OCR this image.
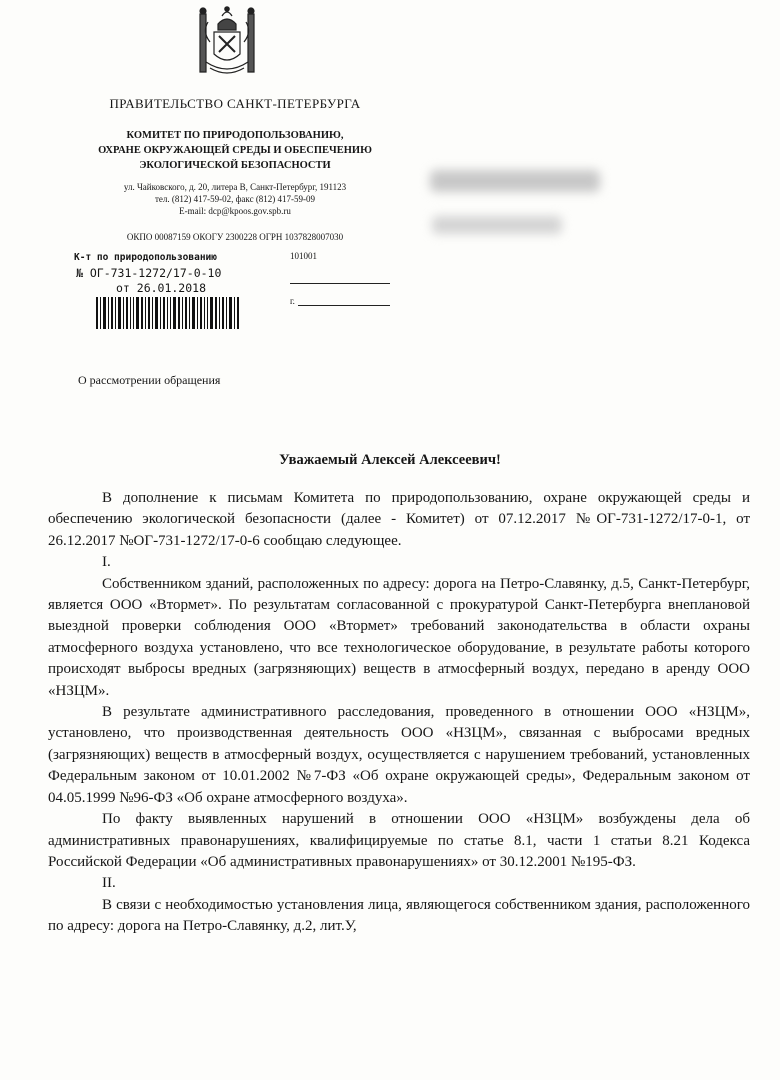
ПРАВИТЕЛЬСТВО САНКТ-ПЕТЕРБУРГА
КОМИТЕТ ПО ПРИРОДОПОЛЬЗОВАНИЮ,
ОХРАНЕ ОКРУЖАЮЩЕЙ СРЕДЫ И ОБЕСПЕЧЕНИЮ
ЭКОЛОГИЧЕСКОЙ БЕЗОПАСНОСТИ
ул. Чайковского, д. 20, литера В, Санкт-Петербург, 191123
тел. (812) 417-59-02, факс (812) 417-59-09
E-mail: dcp@kpoos.gov.spb.ru
ОКПО 00087159 ОКОГУ 2300228 ОГРН 1037828007030
К-т по природопользованию
№ ОГ-731-1272/17-0-10
от 26.01.2018
101001
г.
О рассмотрении обращения
Уважаемый Алексей Алексеевич!

В дополнение к письмам Комитета по природопользованию, охране окружающей среды и обеспечению экологической безопасности (далее - Комитет) от 07.12.2017 №ОГ-731-1272/17-0-1, от 26.12.2017 №ОГ-731-1272/17-0-6 сообщаю следующее.

I.

Собственником зданий, расположенных по адресу: дорога на Петро-Славянку, д.5, Санкт-Петербург, является ООО «Втормет». По результатам согласованной с прокуратурой Санкт-Петербурга внеплановой выездной проверки соблюдения ООО «Втормет» требований законодательства в области охраны атмосферного воздуха установлено, что все технологическое оборудование, в результате работы которого происходят выбросы вредных (загрязняющих) веществ в атмосферный воздух, передано в аренду ООО «НЗЦМ».

В результате административного расследования, проведенного в отношении ООО «НЗЦМ», установлено, что производственная деятельность ООО «НЗЦМ», связанная с выбросами вредных (загрязняющих) веществ в атмосферный воздух, осуществляется с нарушением требований, установленных Федеральным законом от 10.01.2002 №7-ФЗ «Об охране окружающей среды», Федеральным законом от 04.05.1999 №96-ФЗ «Об охране атмосферного воздуха».

По факту выявленных нарушений в отношении ООО «НЗЦМ» возбуждены дела об административных правонарушениях, квалифицируемые по статье 8.1, части 1 статьи 8.21 Кодекса Российской Федерации «Об административных правонарушениях» от 30.12.2001 №195-ФЗ.

II.

В связи с необходимостью установления лица, являющегося собственником здания, расположенного по адресу: дорога на Петро-Славянку, д.2, лит.У,
